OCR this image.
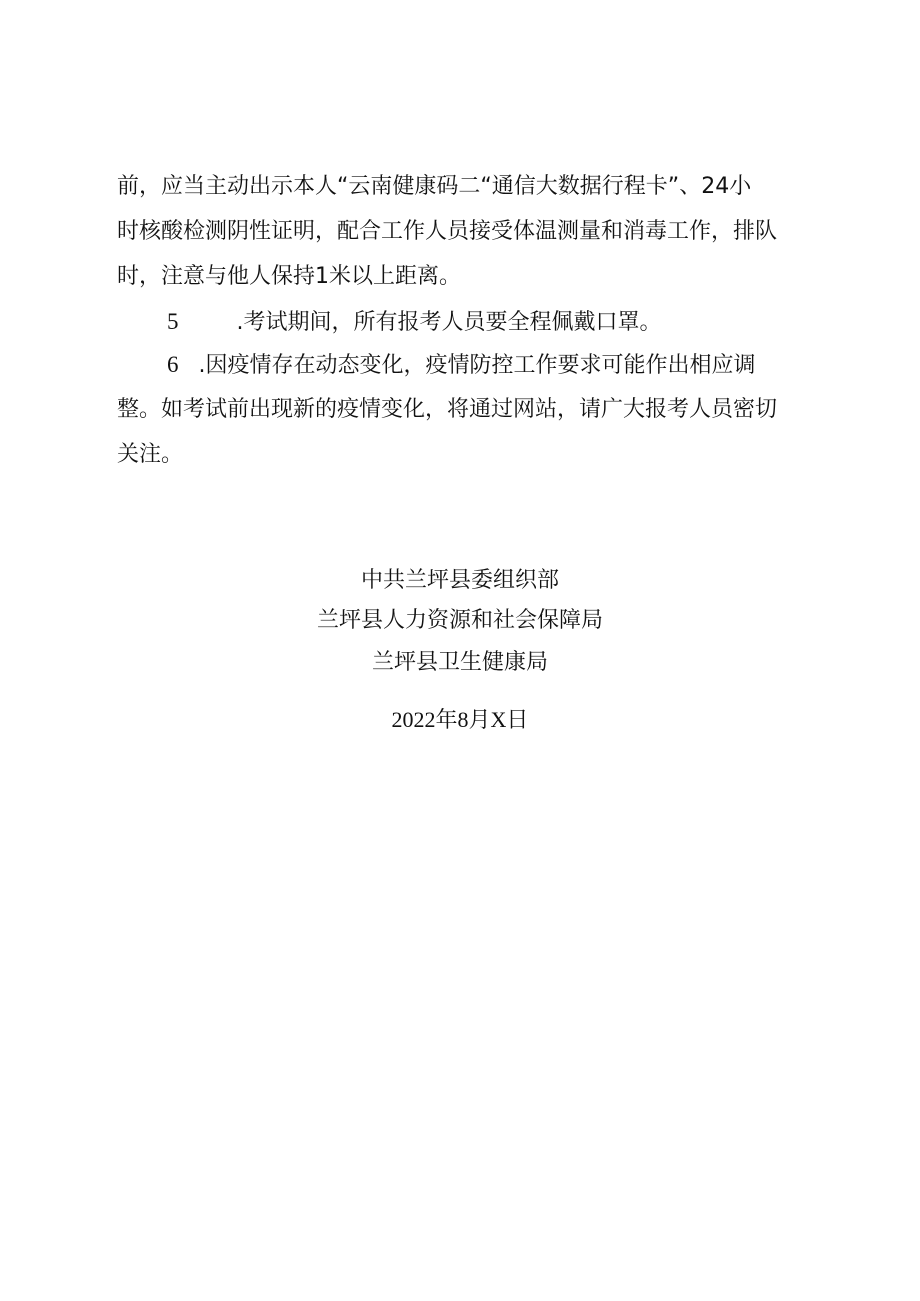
前，应当主动出示本人“云南健康码二“通信大数据行程卡”、24小
时核酸检测阴性证明，配合工作人员接受体温测量和消毒工作，排队
时，注意与他人保持1米以上距离。
5	.考试期间，所有报考人员要全程佩戴口罩。
6 .因疫情存在动态变化，疫情防控工作要求可能作出相应调
整。如考试前出现新的疫情变化，将通过网站，请广大报考人员密切
关注。
中共兰坪县委组织部
兰坪县人力资源和社会保障局
兰坪县卫生健康局
2022年8月X日
